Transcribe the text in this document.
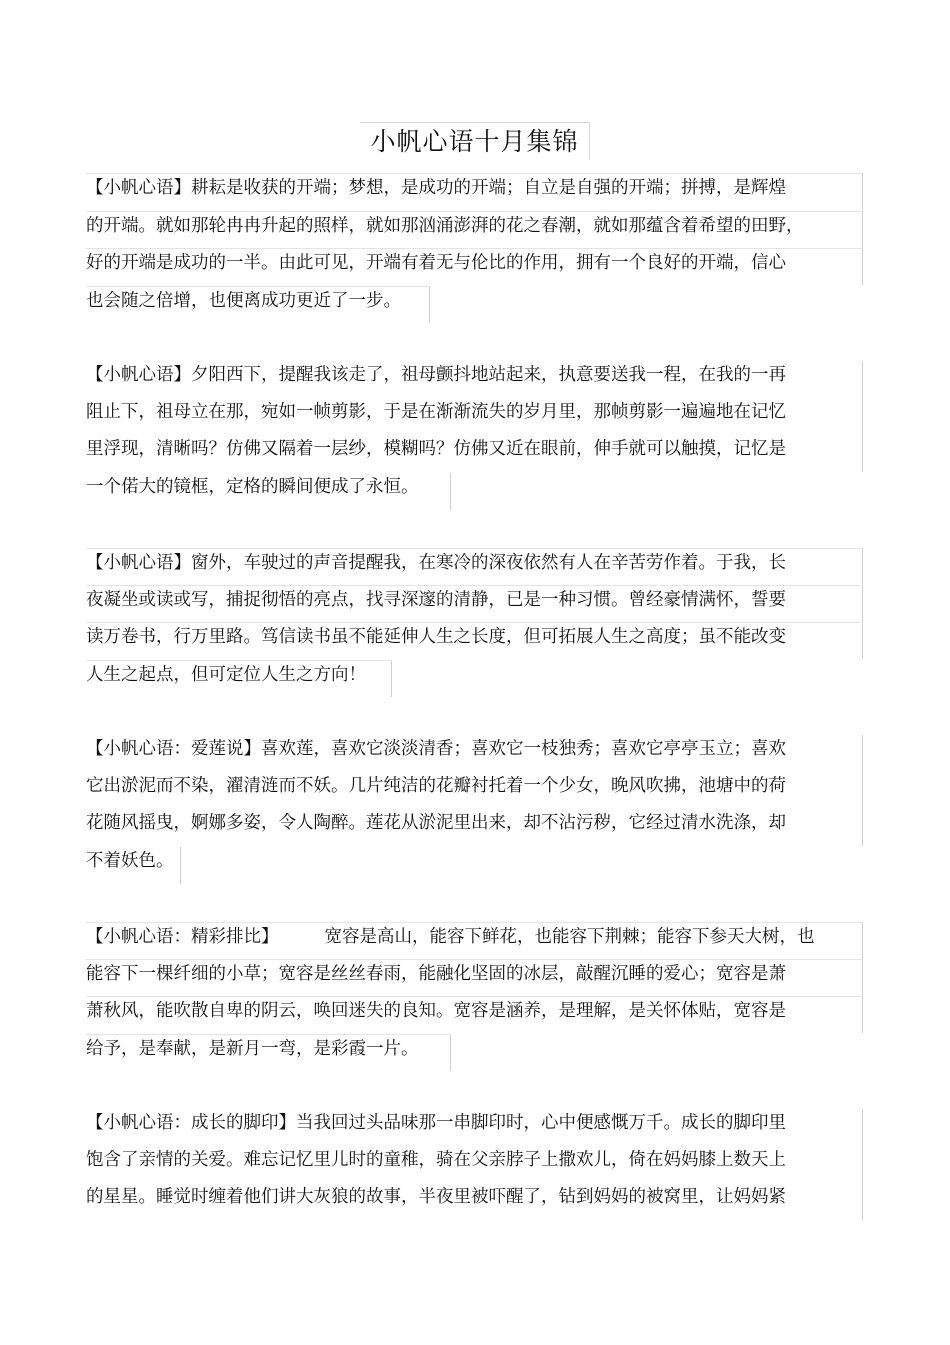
小帆心语十月集锦
【小帆心语】耕耘是收获的开端；梦想，是成功的开端；自立是自强的开端；拼搏，是辉煌
的开端。就如那轮冉冉升起的照样，就如那汹涌澎湃的花之春潮，就如那蕴含着希望的田野，
好的开端是成功的一半。由此可见，开端有着无与伦比的作用，拥有一个良好的开端，信心
也会随之倍增，也便离成功更近了一步。
【小帆心语】夕阳西下，提醒我该走了，祖母颤抖地站起来，执意要送我一程，在我的一再
阻止下，祖母立在那，宛如一帧剪影，于是在渐渐流失的岁月里，那帧剪影一遍遍地在记忆
里浮现，清晰吗？仿佛又隔着一层纱，模糊吗？仿佛又近在眼前，伸手就可以触摸，记忆是
一个偌大的镜框，定格的瞬间便成了永恒。
【小帆心语】窗外，车驶过的声音提醒我，在寒冷的深夜依然有人在辛苦劳作着。于我，长
夜凝坐或读或写，捕捉彻悟的亮点，找寻深邃的清静，已是一种习惯。曾经豪情满怀，誓要
读万卷书，行万里路。笃信读书虽不能延伸人生之长度，但可拓展人生之高度；虽不能改变
人生之起点，但可定位人生之方向！
【小帆心语：爱莲说】喜欢莲，喜欢它淡淡清香；喜欢它一枝独秀；喜欢它亭亭玉立；喜欢
它出淤泥而不染，濯清涟而不妖。几片纯洁的花瓣衬托着一个少女，晚风吹拂，池塘中的荷
花随风摇曳，婀娜多姿，令人陶醉。莲花从淤泥里出来，却不沾污秽，它经过清水洗涤，却
不着妖色。
【小帆心语：精彩排比】	宽容是高山，能容下鲜花，也能容下荆棘；能容下参天大树，也
能容下一棵纤细的小草；宽容是丝丝春雨，能融化坚固的冰层，敲醒沉睡的爱心；宽容是萧
萧秋风，能吹散自卑的阴云，唤回迷失的良知。宽容是涵养，是理解，是关怀体贴，宽容是
给予，是奉献，是新月一弯，是彩霞一片。
【小帆心语：成长的脚印】当我回过头品味那一串脚印时，心中便感慨万千。成长的脚印里
饱含了亲情的关爱。难忘记忆里儿时的童稚，骑在父亲脖子上撒欢儿，倚在妈妈膝上数天上
的星星。睡觉时缠着他们讲大灰狼的故事，半夜里被吓醒了，钻到妈妈的被窝里，让妈妈紧
